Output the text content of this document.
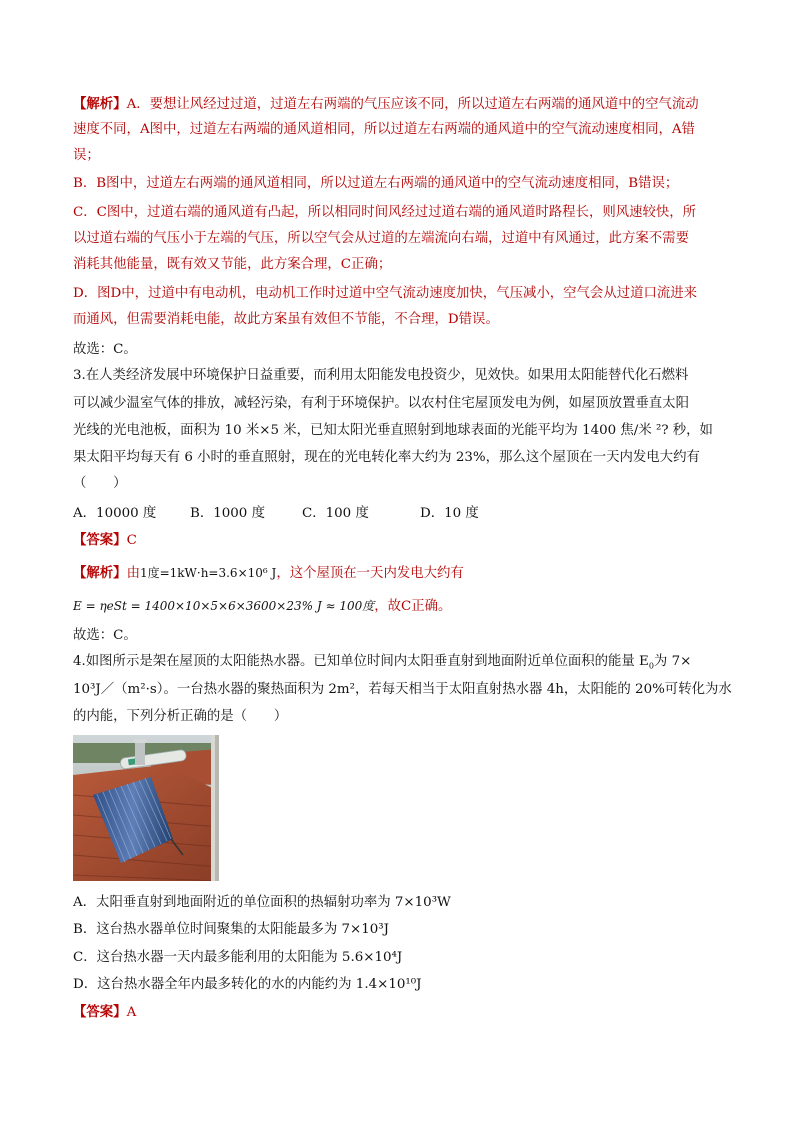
【解析】A．要想让风经过过道，过道左右两端的气压应该不同，所以过道左右两端的通风道中的空气流动
速度不同，A图中，过道左右两端的通风道相同，所以过道左右两端的通风道中的空气流动速度相同，A错
误；
B．B图中，过道左右两端的通风道相同，所以过道左右两端的通风道中的空气流动速度相同，B错误；
C．C图中，过道右端的通风道有凸起，所以相同时间风经过过道右端的通风道时路程长，则风速较快，所
以过道右端的气压小于左端的气压，所以空气会从过道的左端流向右端，过道中有风通过，此方案不需要
消耗其他能量，既有效又节能，此方案合理，C正确；
D．图D中，过道中有电动机，电动机工作时过道中空气流动速度加快，气压减小，空气会从过道口流进来
而通风，但需要消耗电能，故此方案虽有效但不节能，不合理，D错误。
故选：C。
3.在人类经济发展中环境保护日益重要，而利用太阳能发电投资少，见效快。如果用太阳能替代化石燃料
可以减少温室气体的排放，减轻污染，有利于环境保护。以农村住宅屋顶发电为例，如屋顶放置垂直太阳
光线的光电池板，面积为 10 米×5 米，已知太阳光垂直照射到地球表面的光能平均为 1400 焦/米 ²? 秒，如
果太阳平均每天有 6 小时的垂直照射，现在的光电转化率大约为 23%，那么这个屋顶在一天内发电大约有
（　　）
A．10000 度	B．1000 度	C．100 度	D．10 度
【答案】C
【解析】由1度=1kW·h=3.6×10⁶ J，这个屋顶在一天内发电大约有
E = ηeSt = 1400×10×5×6×3600×23% J ≈ 100度，故C正确。
故选：C。
4.如图所示是架在屋顶的太阳能热水器。已知单位时间内太阳垂直射到地面附近单位面积的能量 $E_0$为 7×
10³J／（m²·s）。一台热水器的聚热面积为 2m²，若每天相当于太阳直射热水器 4h，太阳能的 20%可转化为水
的内能，下列分析正确的是（　　）
A．太阳垂直射到地面附近的单位面积的热辐射功率为 7×10³W
B．这台热水器单位时间聚集的太阳能最多为 7×10³J
C．这台热水器一天内最多能利用的太阳能为 5.6×10⁴J
D．这台热水器全年内最多转化的水的内能约为 1.4×10¹⁰J
【答案】A
